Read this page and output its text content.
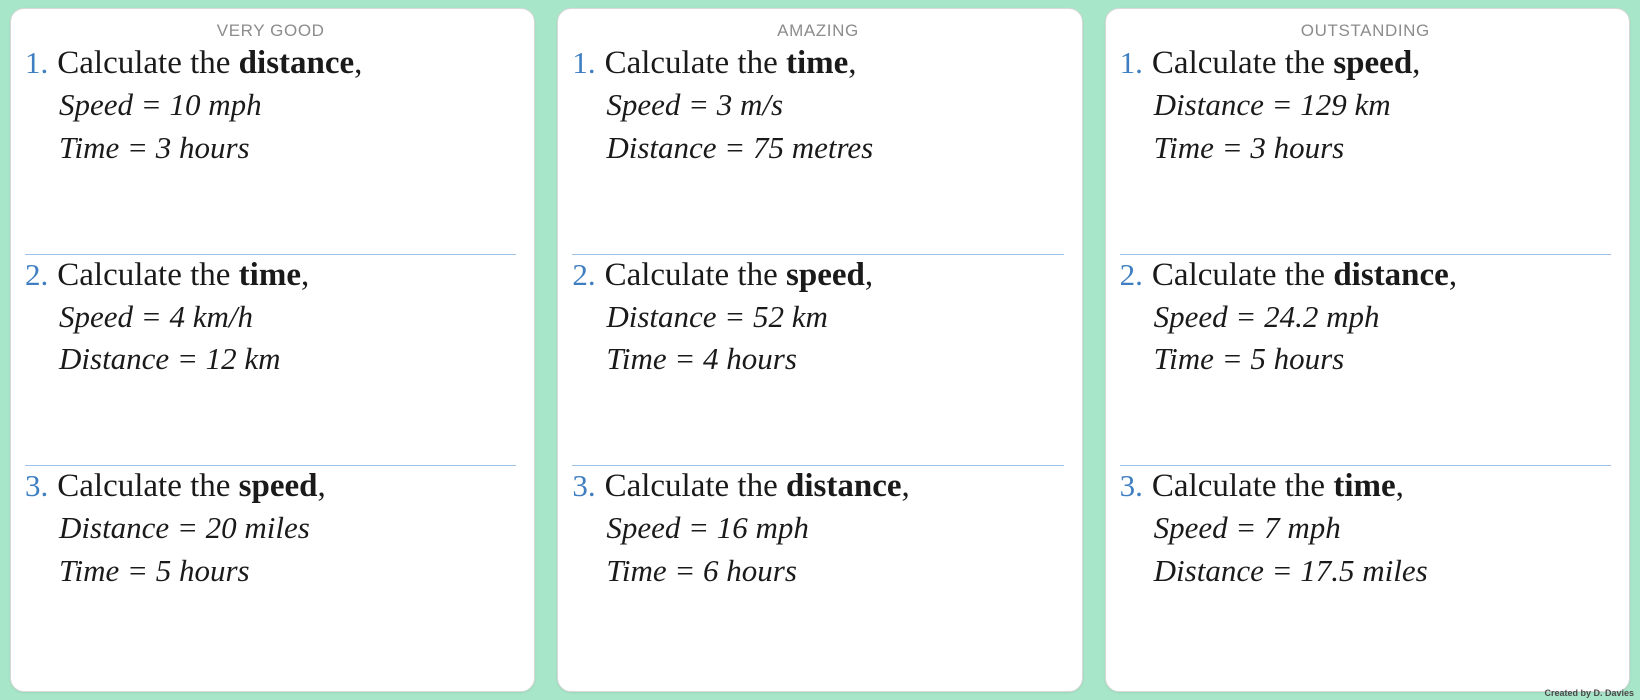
VERY GOOD
1. Calculate the distance,
Speed = 10 mph
Time = 3 hours
2. Calculate the time,
Speed = 4 km/h
Distance = 12 km
3. Calculate the speed,
Distance = 20 miles
Time = 5 hours
AMAZING
1. Calculate the time,
Speed = 3 m/s
Distance = 75 metres
2. Calculate the speed,
Distance = 52 km
Time = 4 hours
3. Calculate the distance,
Speed = 16 mph
Time = 6 hours
OUTSTANDING
1. Calculate the speed,
Distance = 129 km
Time = 3 hours
2. Calculate the distance,
Speed = 24.2 mph
Time = 5 hours
3. Calculate the time,
Speed = 7 mph
Distance = 17.5 miles
Created by D. Davies
